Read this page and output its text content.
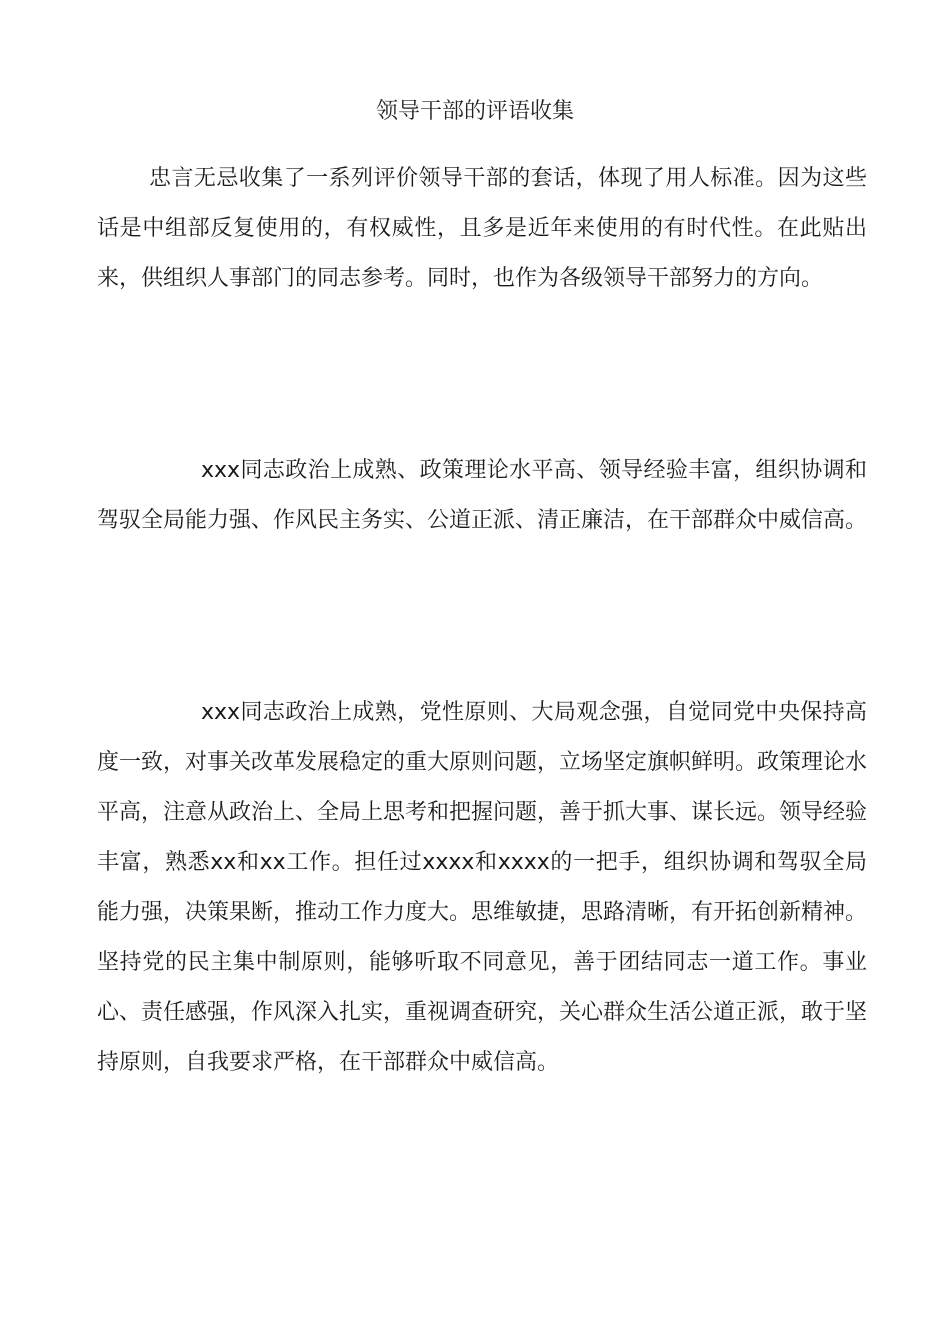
领导干部的评语收集

忠言无忌收集了一系列评价领导干部的套话，体现了用人标准。因为这些话是中组部反复使用的，有权威性，且多是近年来使用的有时代性。在此贴出来，供组织人事部门的同志参考。同时，也作为各级领导干部努力的方向。

xxx同志政治上成熟、政策理论水平高、领导经验丰富，组织协调和驾驭全局能力强、作风民主务实、公道正派、清正廉洁，在干部群众中威信高。

xxx同志政治上成熟，党性原则、大局观念强，自觉同党中央保持高度一致，对事关改革发展稳定的重大原则问题，立场坚定旗帜鲜明。政策理论水平高，注意从政治上、全局上思考和把握问题，善于抓大事、谋长远。领导经验丰富，熟悉xx和xx工作。担任过xxxx和xxxx的一把手，组织协调和驾驭全局能力强，决策果断，推动工作力度大。思维敏捷，思路清晰，有开拓创新精神。坚持党的民主集中制原则，能够听取不同意见，善于团结同志一道工作。事业心、责任感强，作风深入扎实，重视调查研究，关心群众生活公道正派，敢于坚持原则，自我要求严格，在干部群众中威信高。
